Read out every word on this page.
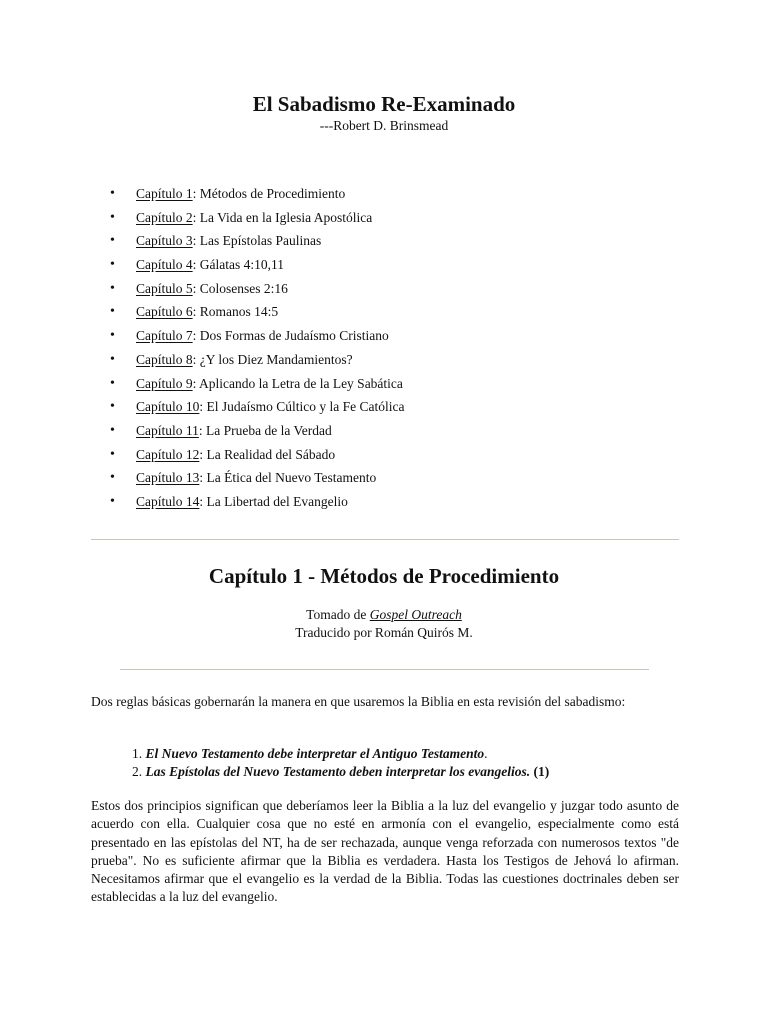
El Sabadismo Re-Examinado
---Robert D. Brinsmead
• Capítulo 1: Métodos de Procedimiento
• Capítulo 2: La Vida en la Iglesia Apostólica
• Capítulo 3: Las Epístolas Paulinas
• Capítulo 4: Gálatas 4:10,11
• Capítulo 5: Colosenses 2:16
• Capítulo 6: Romanos 14:5
• Capítulo 7: Dos Formas de Judaísmo Cristiano
• Capítulo 8: ¿Y los Diez Mandamientos?
• Capítulo 9: Aplicando la Letra de la Ley Sabática
• Capítulo 10: El Judaísmo Cúltico y la Fe Católica
• Capítulo 11: La Prueba de la Verdad
• Capítulo 12: La Realidad del Sábado
• Capítulo 13: La Ética del Nuevo Testamento
• Capítulo 14: La Libertad del Evangelio
Capítulo 1 - Métodos de Procedimiento
Tomado de Gospel Outreach
Traducido por Román Quirós M.

Dos reglas básicas gobernarán la manera en que usaremos la Biblia en esta revisión del sabadismo:

1. El Nuevo Testamento debe interpretar el Antiguo Testamento.
2. Las Epístolas del Nuevo Testamento deben interpretar los evangelios. (1)

Estos dos principios significan que deberíamos leer la Biblia a la luz del evangelio y juzgar todo asunto de acuerdo con ella. Cualquier cosa que no esté en armonía con el evangelio, especialmente como está presentado en las epístolas del NT, ha de ser rechazada, aunque venga reforzada con numerosos textos "de prueba". No es suficiente afirmar que la Biblia es verdadera. Hasta los Testigos de Jehová lo afirman. Necesitamos afirmar que el evangelio es la verdad de la Biblia. Todas las cuestiones doctrinales deben ser establecidas a la luz del evangelio.
